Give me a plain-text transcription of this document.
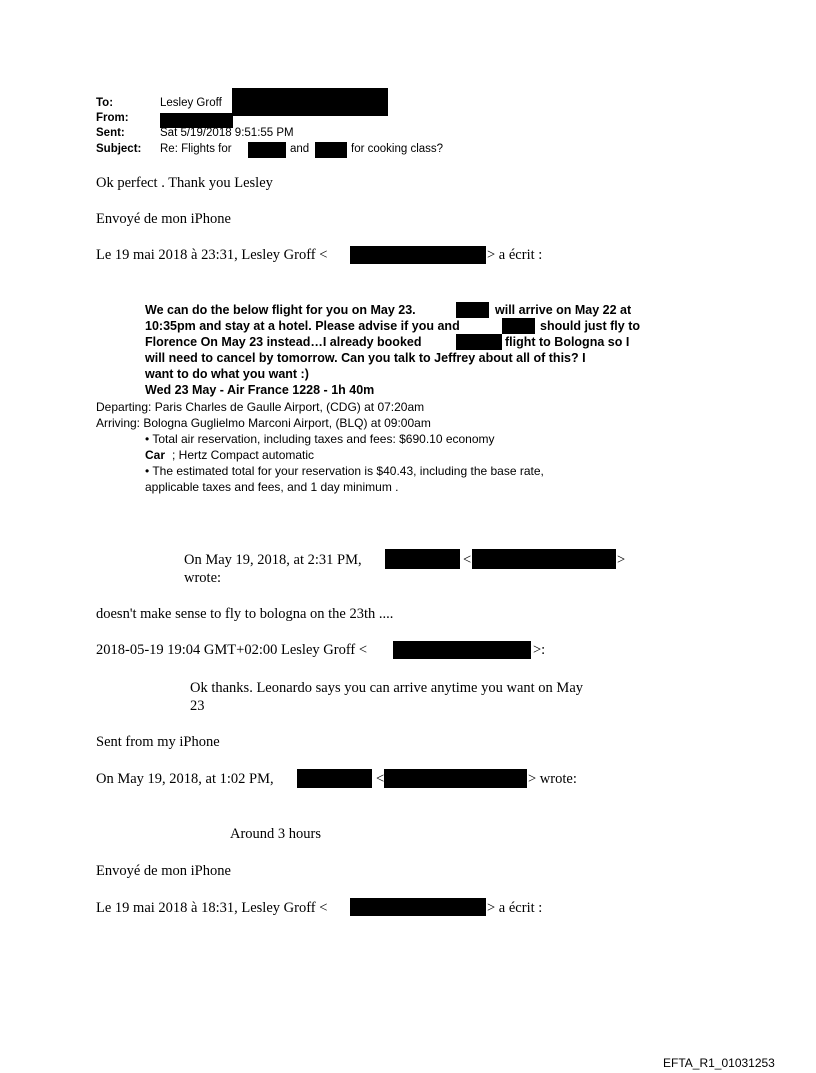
To:	Lesley Groff
From:
Sent:	Sat 5/19/2018 9:51:55 PM
Subject: Re: Flights for	and	for cooking class?
Ok perfect . Thank you Lesley
Envoyé de mon iPhone
Le 19 mai 2018 à 23:31, Lesley Groff <	> a écrit :
We can do the below flight for you on May 23.	will arrive on May 22 at
10:35pm and stay at a hotel. Please advise if you and	should just fly to
Florence On May 23 instead…I already booked	flight to Bologna so I
will need to cancel by tomorrow. Can you talk to Jeffrey about all of this? I
want to do what you want :)
Wed 23 May - Air France 1228 - 1h 40m
Departing: Paris Charles de Gaulle Airport, (CDG) at 07:20am
Arriving: Bologna Guglielmo Marconi Airport, (BLQ) at 09:00am
• Total air reservation, including taxes and fees: $690.10 economy
Car ; Hertz Compact automatic
• The estimated total for your reservation is $40.43, including the base rate,
applicable taxes and fees, and 1 day minimum .
On May 19, 2018, at 2:31 PM,	<	>
wrote:
doesn't make sense to fly to bologna on the 23th ....
2018-05-19 19:04 GMT+02:00 Lesley Groff <	>:
Ok thanks. Leonardo says you can arrive anytime you want on May
23
Sent from my iPhone
On May 19, 2018, at 1:02 PM,	<	> wrote:
Around 3 hours
Envoyé de mon iPhone
Le 19 mai 2018 à 18:31, Lesley Groff <	> a écrit :
EFTA_R1_01031253
